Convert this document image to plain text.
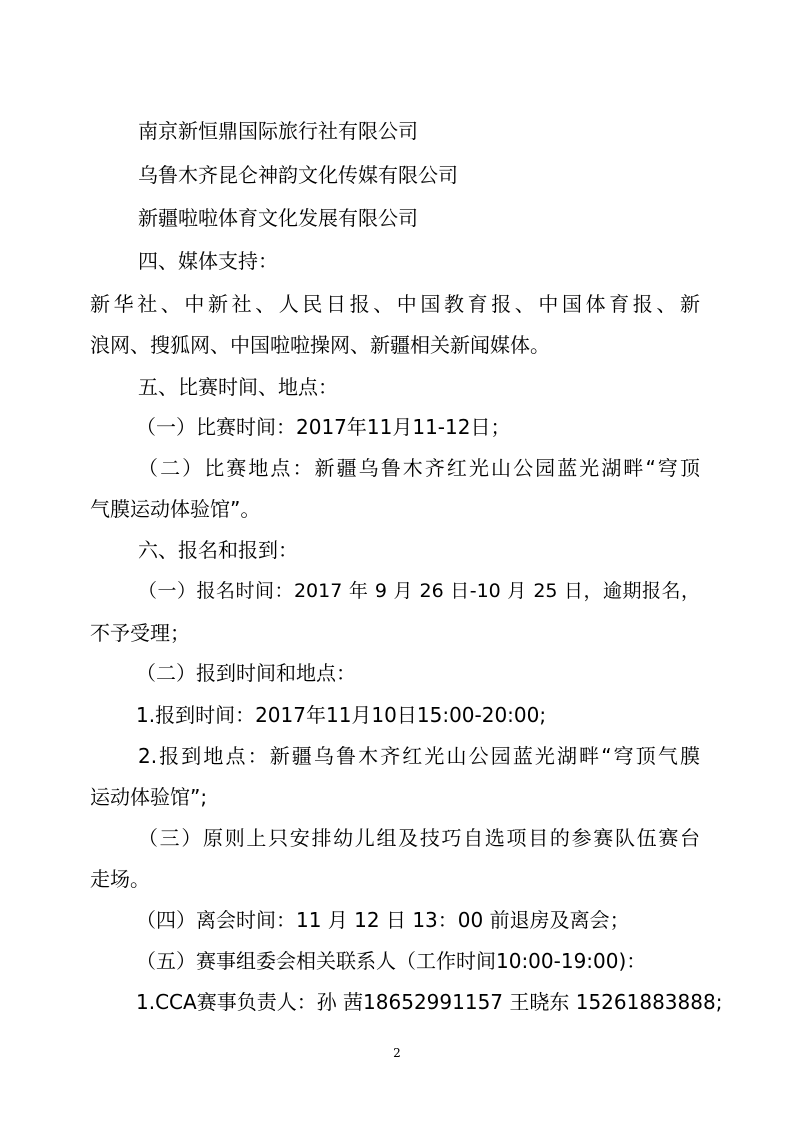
南京新恒鼎国际旅行社有限公司
乌鲁木齐昆仑神韵文化传媒有限公司
新疆啦啦体育文化发展有限公司
四、媒体支持：
新华社、中新社、人民日报、中国教育报、中国体育报、新
浪网、搜狐网、中国啦啦操网、新疆相关新闻媒体。
五、比赛时间、地点：
（一）比赛时间：2017年11月11-12日；
（二）比赛地点：新疆乌鲁木齐红光山公园蓝光湖畔“穹顶
气膜运动体验馆”。
六、报名和报到：
（一）报名时间：2017 年 9 月 26 日-10 月 25 日，逾期报名，
不予受理；
（二）报到时间和地点：
1.报到时间：2017年11月10日15:00-20:00;
2.报到地点：新疆乌鲁木齐红光山公园蓝光湖畔“穹顶气膜
运动体验馆”;
（三）原则上只安排幼儿组及技巧自选项目的参赛队伍赛台
走场。
（四）离会时间：11 月 12 日 13：00 前退房及离会；
（五）赛事组委会相关联系人（工作时间10:00-19:00)：
1.CCA赛事负责人：孙 茜18652991157 王晓东 15261883888;
2
